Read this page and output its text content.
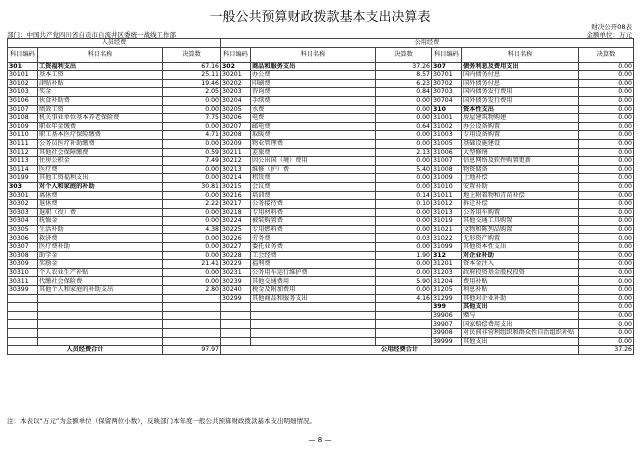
一般公共预算财政拨款基本支出决算表
财决公开08表
部门：中国共产党四川省自贡市自流井区委统一战线工作部	金额单位：万元
人员经费			公用经费					
科目编码	科目名称	决算数	科目编码	科目名称	决算数	科目编码	科目名称	决算数
301	工资福利支出	67.16	302	商品和服务支出	37.26	307	债务利息及费用支出	0.00
30101	基本工资	25.11	30201	办公费	8.57	30701	国内债务付息	0.00
30102	津贴补贴	19.46	30202	印刷费	6.23	30702	国外债务付息	0.00
30103	奖金	2.05	30203	咨询费	0.84	30703	国内债务发行费用	0.00
30106	伙食补助费	0.00	30204	手续费	0.00	30704	国外债务发行费用	0.00
30107	绩效工资	0.00	30205	水费	0.00	310	资本性支出	0.00
30108	机关事业单位基本养老保险费	7.75	30206	电费	0.00	31001	房屋建筑物购建	0.00
30109	职业年金缴费	0.00	30207	邮电费	0.64	31002	办公设备购置	0.00
30110	职工基本医疗保险缴费	4.71	30208	取暖费	0.00	31003	专用设备购置	0.00
30111	公务员医疗补助缴费	0.00	30209	物业管理费	0.00	31005	基础设施建设	0.00
30112	其他社会保障缴费	0.59	30211	差旅费	2.13	31006	大型修缮	0.00
30113	住房公积金	7.49	30212	因公出国（境）费用	0.00	31007	信息网络及软件购置更新	0.00
30114	医疗费	0.00	30213	维修（护）费	5.40	31008	物资储备	0.00
30199	其他工资福利支出	0.00	30214	租赁费	0.00	31009	土地补偿	0.00
303	对个人和家庭的补助	30.81	30215	会议费	0.00	31010	安置补助	0.00
30301	离休费	0.00	30216	培训费	0.14	31011	地上附着物和青苗补偿	0.00
30302	退休费	2.22	30217	公务接待费	0.10	31012	拆迁补偿	0.00
30303	退职（役）费	0.00	30218	专用材料费	0.00	31013	公务用车购置	0.00
30304	抚恤金	0.00	30224	被装购置费	0.00	31019	其他交通工具购置	0.00
30305	生活补助	4.38	30225	专用燃料费	0.00	31021	文物和陈列品购置	0.00
30306	救济费	0.00	30226	劳务费	0.03	31022	无形资产购置	0.00
30307	医疗费补助	0.00	30227	委托业务费	0.00	31099	其他资本性支出	0.00
30308	助学金	0.00	30228	工会经费	1.90	312	对企业补助	0.00
30309	奖励金	21.41	30229	福利费	0.00	31201	资本金注入	0.00
30310	个人农业生产补贴	0.00	30231	公务用车运行维护费	0.00	31203	政府投资基金股权投资	0.00
30311	代缴社会保险费	0.00	30239	其他交通费用	5.90	31204	费用补贴	0.00
30399	其他个人和家庭的补助支出	2.80	30240	税金及附加费用	0.00	31205	利息补贴	0.00
			30299	其他商品和服务支出	4.16	31299	其他对企业补助	0.00
						399	其他支出	0.00
						39906	赠与	0.00
						39907	国家赔偿费用支出	0.00
						39908	对民间非营利组织和群众性自治组织补贴	0.00
						39999	其他支出	0.00
人员经费合计		97.97	公用经费合计					37.26
注：本表以“万元”为金额单位（保留两位小数），反映部门本年度一般公共预算财政拨款基本支出明细情况。
— 8 —
